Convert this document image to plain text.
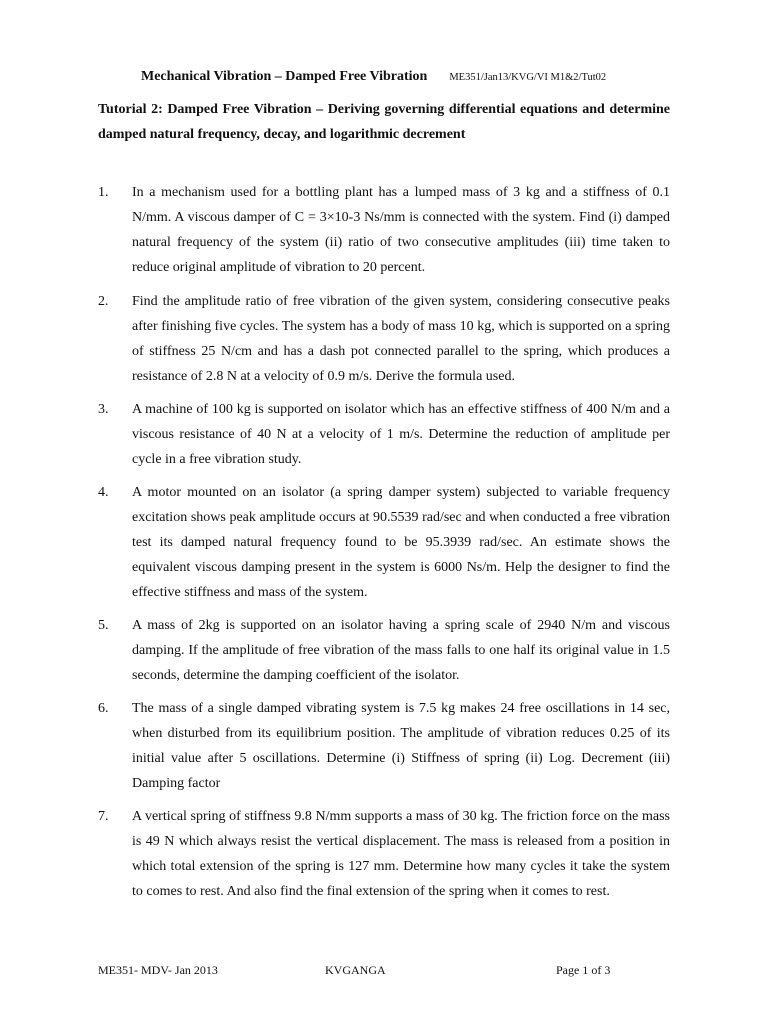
Mechanical Vibration – Damped Free Vibration ME351/Jan13/KVG/VI M1&2/Tut02
Tutorial 2: Damped Free Vibration – Deriving governing differential equations and determine damped natural frequency, decay, and logarithmic decrement
1. In a mechanism used for a bottling plant has a lumped mass of 3 kg and a stiffness of 0.1 N/mm. A viscous damper of C = 3×10-3 Ns/mm is connected with the system. Find (i) damped natural frequency of the system (ii) ratio of two consecutive amplitudes (iii) time taken to reduce original amplitude of vibration to 20 percent.
2. Find the amplitude ratio of free vibration of the given system, considering consecutive peaks after finishing five cycles. The system has a body of mass 10 kg, which is supported on a spring of stiffness 25 N/cm and has a dash pot connected parallel to the spring, which produces a resistance of 2.8 N at a velocity of 0.9 m/s. Derive the formula used.
3. A machine of 100 kg is supported on isolator which has an effective stiffness of 400 N/m and a viscous resistance of 40 N at a velocity of 1 m/s. Determine the reduction of amplitude per cycle in a free vibration study.
4. A motor mounted on an isolator (a spring damper system) subjected to variable frequency excitation shows peak amplitude occurs at 90.5539 rad/sec and when conducted a free vibration test its damped natural frequency found to be 95.3939 rad/sec. An estimate shows the equivalent viscous damping present in the system is 6000 Ns/m. Help the designer to find the effective stiffness and mass of the system.
5. A mass of 2kg is supported on an isolator having a spring scale of 2940 N/m and viscous damping. If the amplitude of free vibration of the mass falls to one half its original value in 1.5 seconds, determine the damping coefficient of the isolator.
6. The mass of a single damped vibrating system is 7.5 kg makes 24 free oscillations in 14 sec, when disturbed from its equilibrium position. The amplitude of vibration reduces 0.25 of its initial value after 5 oscillations. Determine (i) Stiffness of spring (ii) Log. Decrement (iii) Damping factor
7. A vertical spring of stiffness 9.8 N/mm supports a mass of 30 kg. The friction force on the mass is 49 N which always resist the vertical displacement. The mass is released from a position in which total extension of the spring is 127 mm. Determine how many cycles it take the system to comes to rest. And also find the final extension of the spring when it comes to rest.
ME351- MDV- Jan 2013	KVGANGA	Page 1 of 3
